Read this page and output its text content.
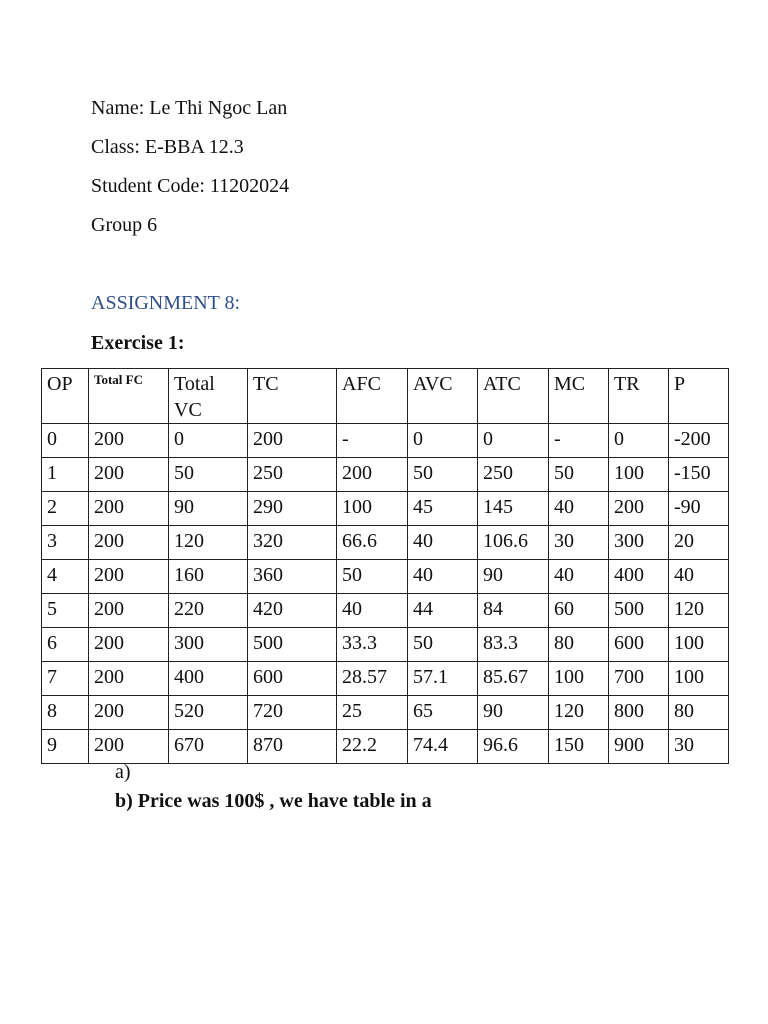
Name: Le Thi Ngoc Lan
Class: E-BBA 12.3
Student Code: 11202024
Group 6
ASSIGNMENT 8:
Exercise 1:
OP	Total FC	Total VC	TC	AFC	AVC	ATC	MC	TR	P
0	200	0	200	-	0	0	-	0	-200
1	200	50	250	200	50	250	50	100	-150
2	200	90	290	100	45	145	40	200	-90
3	200	120	320	66.6	40	106.6	30	300	20
4	200	160	360	50	40	90	40	400	40
5	200	220	420	40	44	84	60	500	120
6	200	300	500	33.3	50	83.3	80	600	100
7	200	400	600	28.57	57.1	85.67	100	700	100
8	200	520	720	25	65	90	120	800	80
9	200	670	870	22.2	74.4	96.6	150	900	30
a)
b) Price was 100$ , we have table in a
